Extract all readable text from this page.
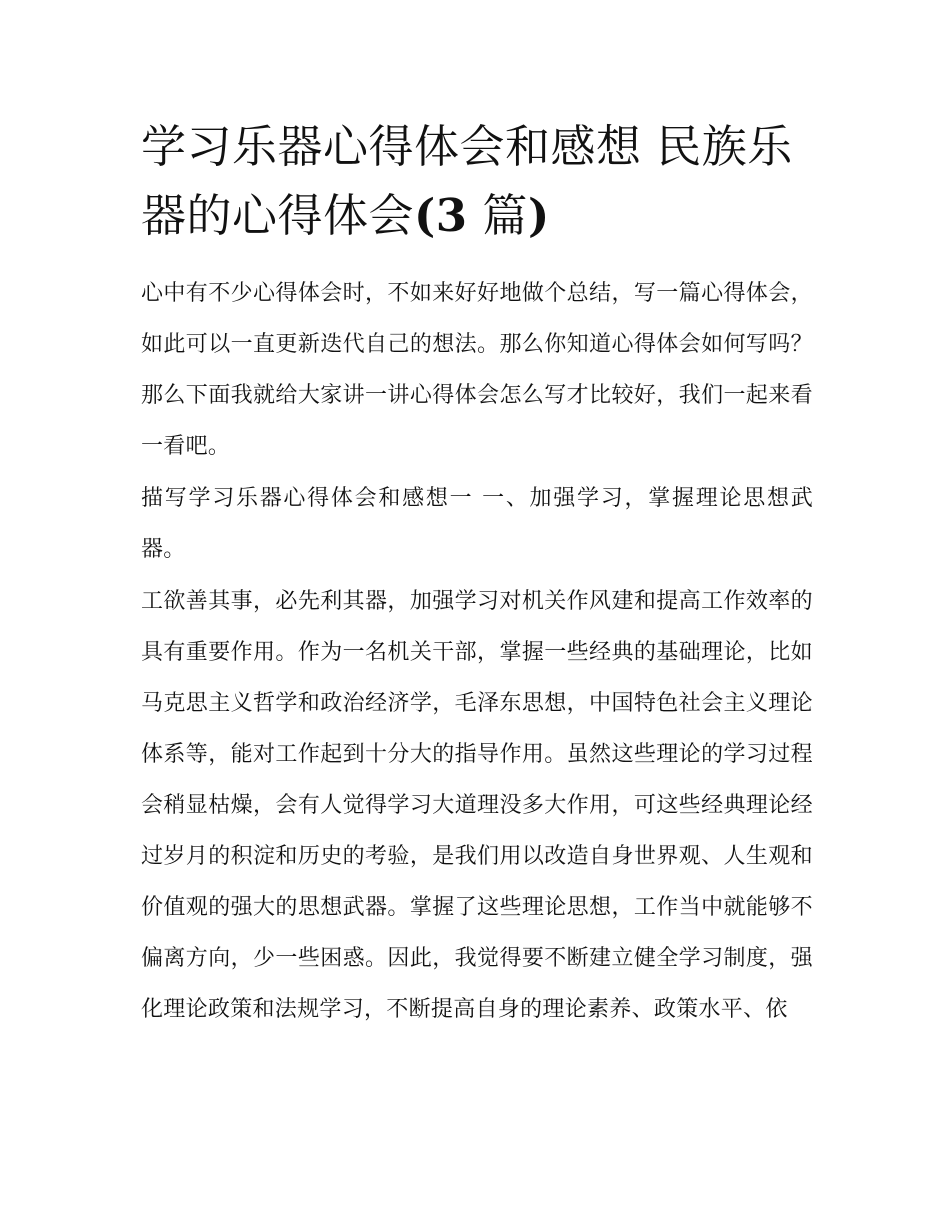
学习乐器心得体会和感想 民族乐器的心得体会(3 篇)

心中有不少心得体会时，不如来好好地做个总结，写一篇心得体会，如此可以一直更新迭代自己的想法。那么你知道心得体会如何写吗？那么下面我就给大家讲一讲心得体会怎么写才比较好，我们一起来看一看吧。

描写学习乐器心得体会和感想一 一、加强学习，掌握理论思想武器。

工欲善其事，必先利其器，加强学习对机关作风建和提高工作效率的具有重要作用。作为一名机关干部，掌握一些经典的基础理论，比如马克思主义哲学和政治经济学，毛泽东思想，中国特色社会主义理论体系等，能对工作起到十分大的指导作用。虽然这些理论的学习过程会稍显枯燥，会有人觉得学习大道理没多大作用，可这些经典理论经过岁月的积淀和历史的考验，是我们用以改造自身世界观、人生观和价值观的强大的思想武器。掌握了这些理论思想，工作当中就能够不偏离方向，少一些困惑。因此，我觉得要不断建立健全学习制度，强化理论政策和法规学习，不断提高自身的理论素养、政策水平、依
